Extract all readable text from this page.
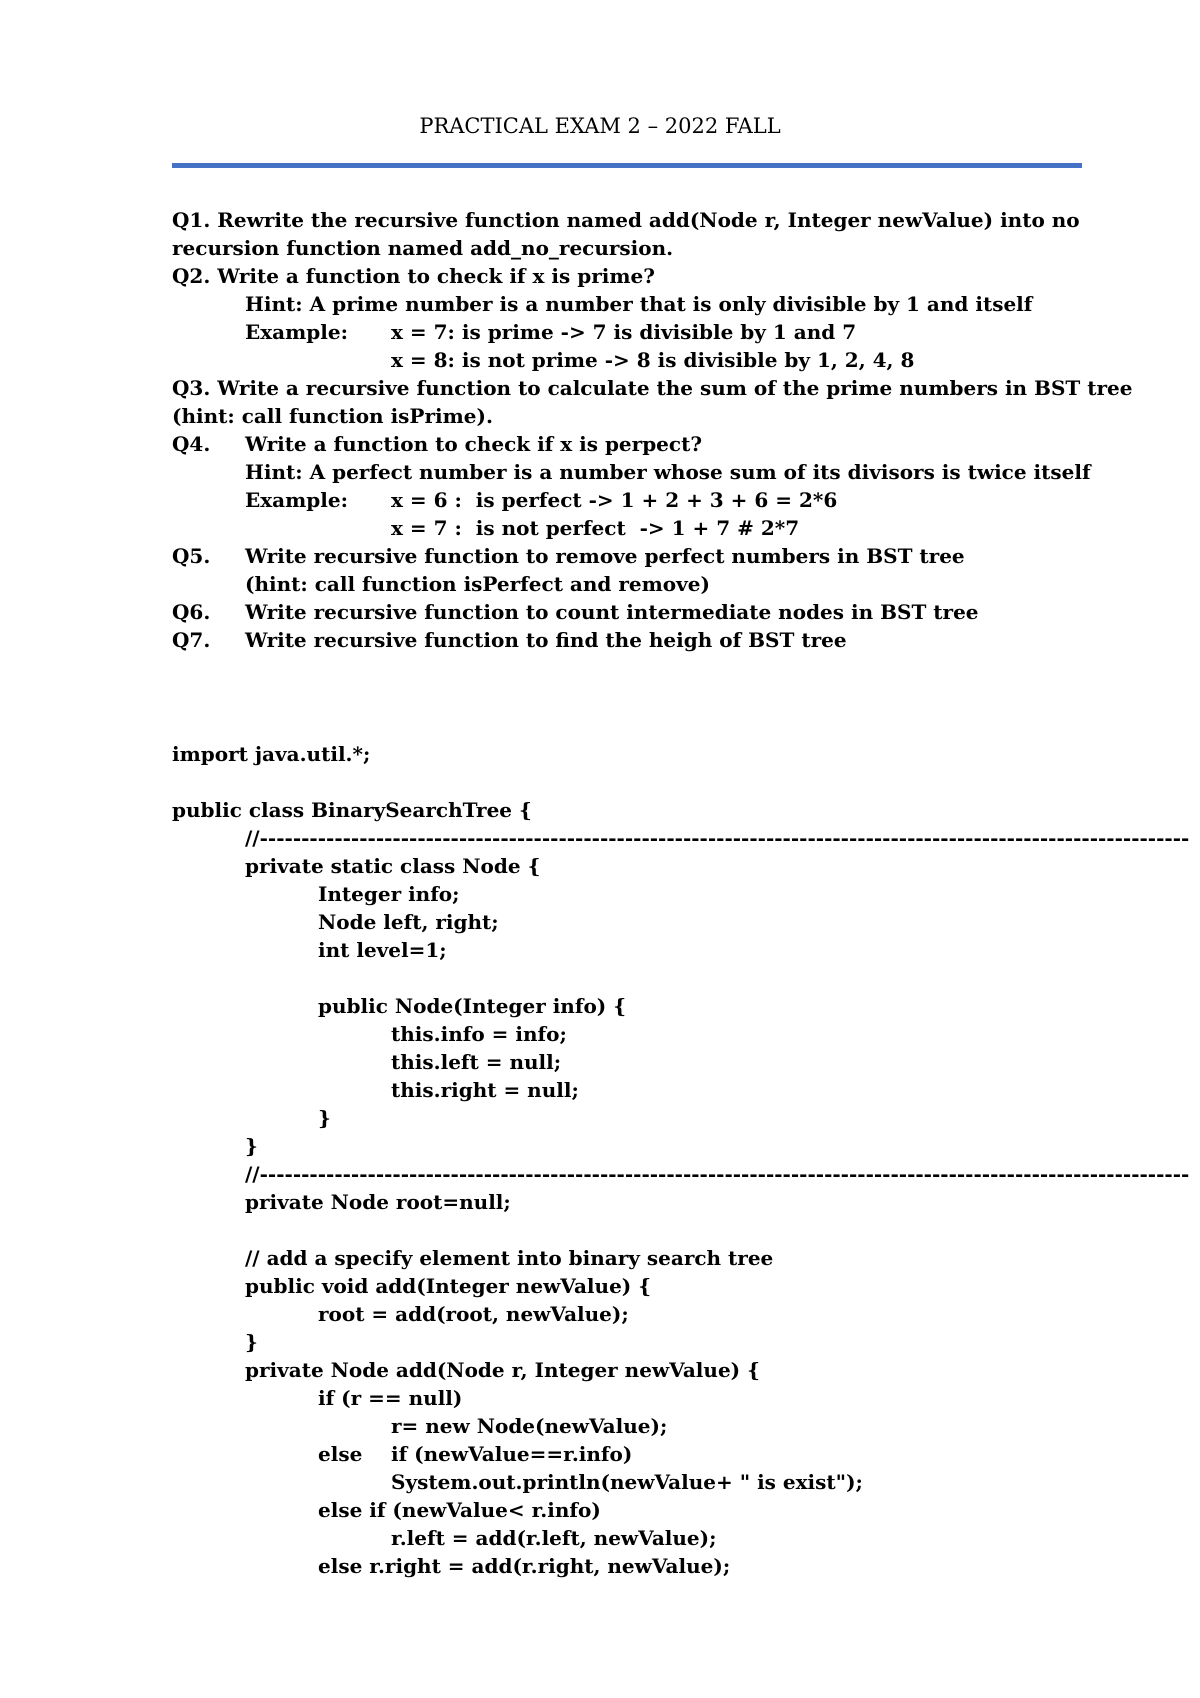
PRACTICAL EXAM 2 – 2022 FALL
Q1. Rewrite the recursive function named add(Node r, Integer newValue) into no
recursion function named add_no_recursion.
Q2. Write a function to check if x is prime?
Hint: A prime number is a number that is only divisible by 1 and itself
Example:	x = 7: is prime -> 7 is divisible by 1 and 7
x = 8: is not prime -> 8 is divisible by 1, 2, 4, 8
Q3. Write a recursive function to calculate the sum of the prime numbers in BST tree
(hint: call function isPrime).
Q4.	Write a function to check if x is perpect?
Hint: A perfect number is a number whose sum of its divisors is twice itself
Example:	x = 6 :  is perfect -> 1 + 2 + 3 + 6 = 2*6
x = 7 :  is not perfect  -> 1 + 7 # 2*7
Q5.	Write recursive function to remove perfect numbers in BST tree
(hint: call function isPerfect and remove)
Q6.	Write recursive function to count intermediate nodes in BST tree
Q7.	Write recursive function to find the heigh of BST tree
import java.util.*;
public class BinarySearchTree {
//----------------------------------------------------------------------------------------------------------------
private static class Node {
Integer info;
Node left, right;
int level=1;
public Node(Integer info) {
this.info = info;
this.left = null;
this.right = null;
}
}
//----------------------------------------------------------------------------------------------------------------
private Node root=null;
// add a specify element into binary search tree
public void add(Integer newValue) {
root = add(root, newValue);
}
private Node add(Node r, Integer newValue) {
if (r == null)
r= new Node(newValue);
else	if (newValue==r.info)
System.out.println(newValue+ " is exist");
else if (newValue< r.info)
r.left = add(r.left, newValue);
else r.right = add(r.right, newValue);
